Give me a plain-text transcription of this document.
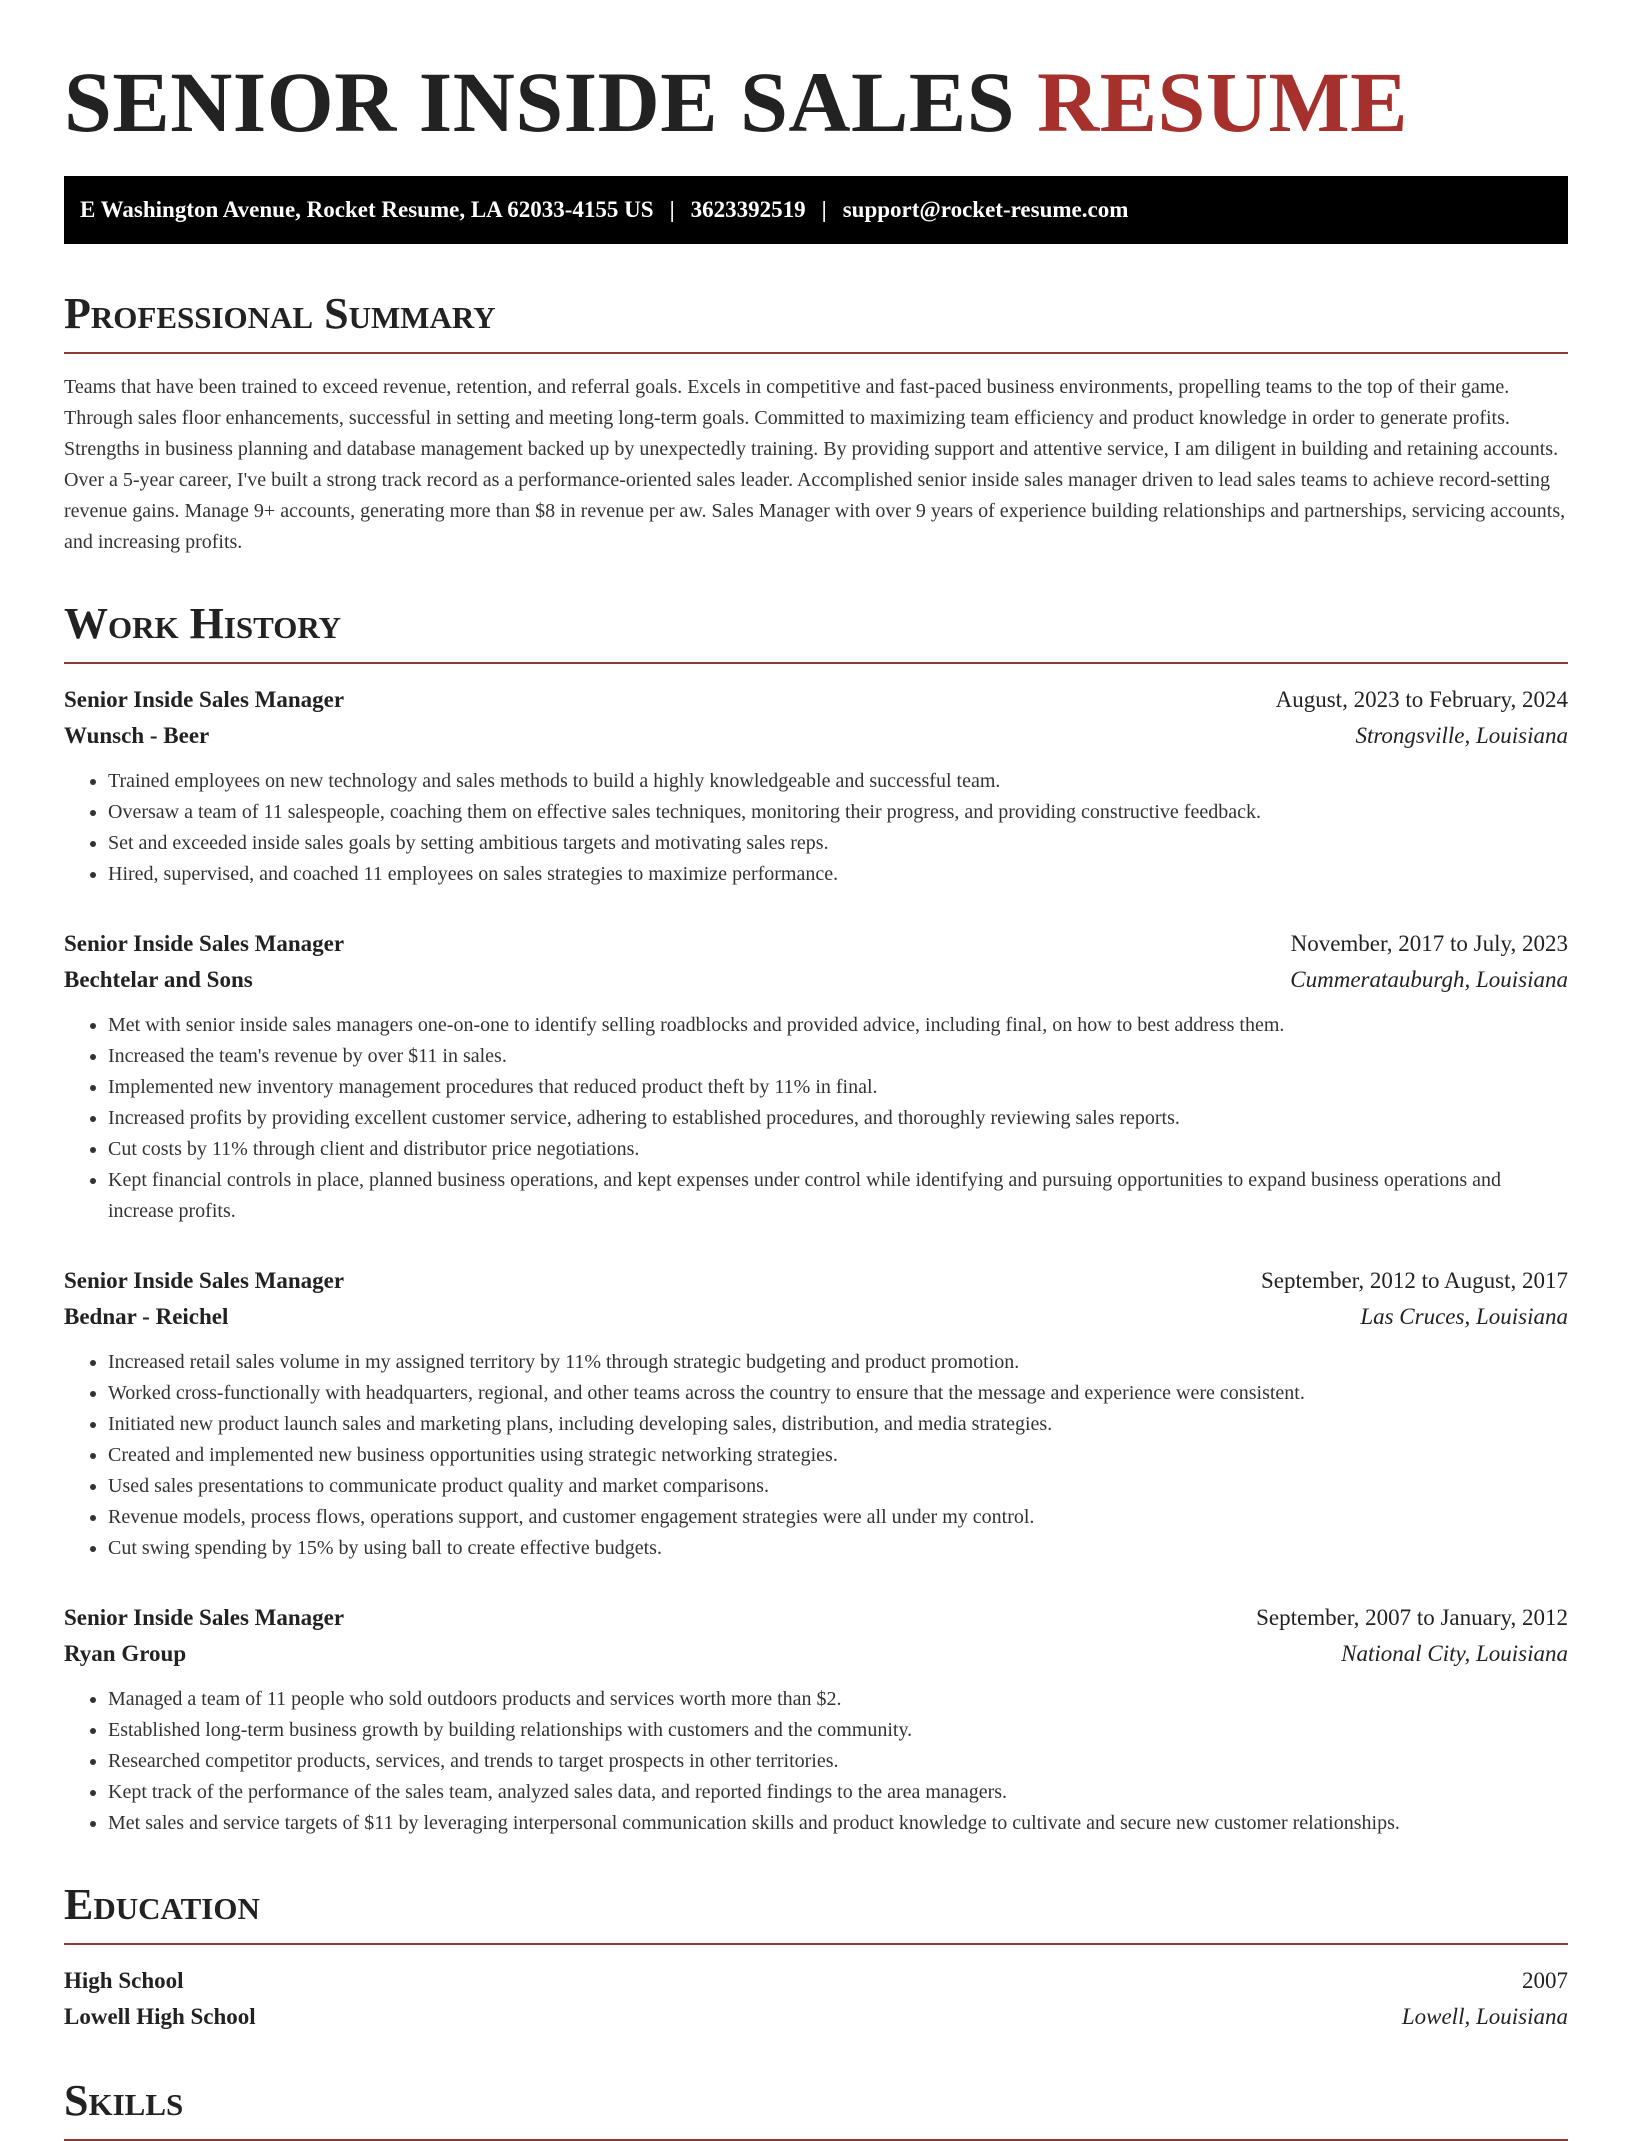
SENIOR INSIDE SALES RESUME
E Washington Avenue, Rocket Resume, LA 62033-4155 US | 3623392519 | support@rocket-resume.com
Professional Summary

Teams that have been trained to exceed revenue, retention, and referral goals. Excels in competitive and fast-paced business environments, propelling teams to the top of their game. Through sales floor enhancements, successful in setting and meeting long-term goals. Committed to maximizing team efficiency and product knowledge in order to generate profits. Strengths in business planning and database management backed up by unexpectedly training. By providing support and attentive service, I am diligent in building and retaining accounts. Over a 5-year career, I've built a strong track record as a performance-oriented sales leader. Accomplished senior inside sales manager driven to lead sales teams to achieve record-setting revenue gains. Manage 9+ accounts, generating more than $8 in revenue per aw. Sales Manager with over 9 years of experience building relationships and partnerships, servicing accounts, and increasing profits.

Work History
Senior Inside Sales Manager	August, 2023 to February, 2024
Wunsch - Beer	Strongsville, Louisiana
• Trained employees on new technology and sales methods to build a highly knowledgeable and successful team.
• Oversaw a team of 11 salespeople, coaching them on effective sales techniques, monitoring their progress, and providing constructive feedback.
• Set and exceeded inside sales goals by setting ambitious targets and motivating sales reps.
• Hired, supervised, and coached 11 employees on sales strategies to maximize performance.
Senior Inside Sales Manager	November, 2017 to July, 2023
Bechtelar and Sons	Cummeratauburgh, Louisiana
• Met with senior inside sales managers one-on-one to identify selling roadblocks and provided advice, including final, on how to best address them.
• Increased the team's revenue by over $11 in sales.
• Implemented new inventory management procedures that reduced product theft by 11% in final.
• Increased profits by providing excellent customer service, adhering to established procedures, and thoroughly reviewing sales reports.
• Cut costs by 11% through client and distributor price negotiations.
• Kept financial controls in place, planned business operations, and kept expenses under control while identifying and pursuing opportunities to expand business operations and increase profits.
Senior Inside Sales Manager	September, 2012 to August, 2017
Bednar - Reichel	Las Cruces, Louisiana
• Increased retail sales volume in my assigned territory by 11% through strategic budgeting and product promotion.
• Worked cross-functionally with headquarters, regional, and other teams across the country to ensure that the message and experience were consistent.
• Initiated new product launch sales and marketing plans, including developing sales, distribution, and media strategies.
• Created and implemented new business opportunities using strategic networking strategies.
• Used sales presentations to communicate product quality and market comparisons.
• Revenue models, process flows, operations support, and customer engagement strategies were all under my control.
• Cut swing spending by 15% by using ball to create effective budgets.
Senior Inside Sales Manager	September, 2007 to January, 2012
Ryan Group	National City, Louisiana
• Managed a team of 11 people who sold outdoors products and services worth more than $2.
• Established long-term business growth by building relationships with customers and the community.
• Researched competitor products, services, and trends to target prospects in other territories.
• Kept track of the performance of the sales team, analyzed sales data, and reported findings to the area managers.
• Met sales and service targets of $11 by leveraging interpersonal communication skills and product knowledge to cultivate and secure new customer relationships.
Education
High School	2007
Lowell High School	Lowell, Louisiana
Skills
